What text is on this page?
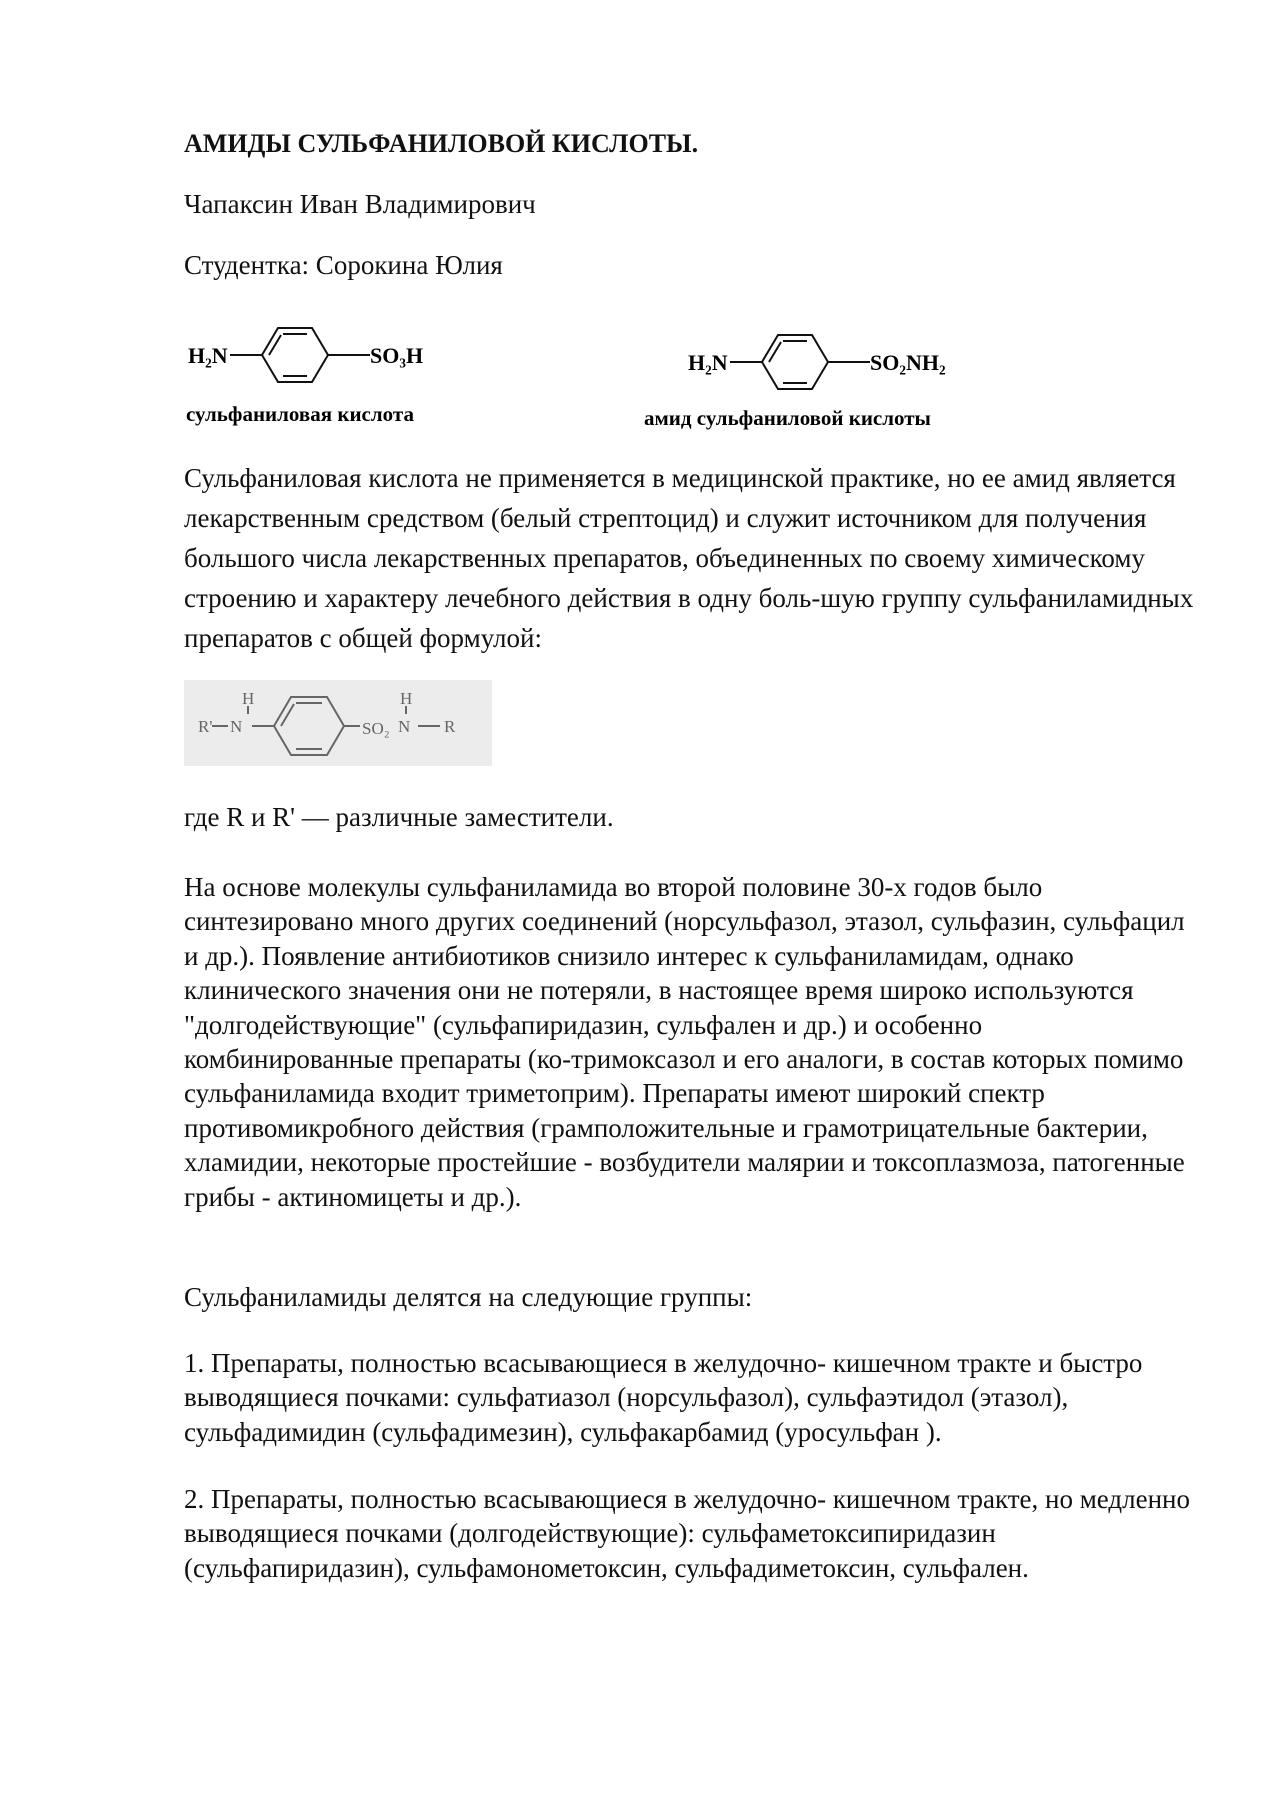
АМИДЫ СУЛЬФАНИЛОВОЙ КИСЛОТЫ.
Чапаксин Иван Владимирович
Студентка: Сорокина Юлия
H₂N	SO₃H
сульфаниловая кислота
H₂N	SO₂NH₂
амид сульфаниловой кислоты

Сульфаниловая кислота не применяется в медицинской практике, но ее амид является лекарственным средством (белый стрептоцид) и служит источником для получения большого числа лекарственных препаратов, объединенных по своему химическому строению и характеру лечебного действия в одну боль-шую группу сульфаниламидных препаратов с общей формулой:

R'
H
N	SO₂
H
N R
где R и R' — различные заместители.

На основе молекулы сульфаниламида во второй половине 30-х годов было синтезировано много других соединений (норсульфазол, этазол, сульфазин, сульфацил и др.). Появление антибиотиков снизило интерес к сульфаниламидам, однако клинического значения они не потеряли, в настоящее время широко используются "долгодействующие" (сульфапиридазин, сульфален и др.) и особенно комбинированные препараты (ко-тримоксазол и его аналоги, в состав которых помимо сульфаниламида входит триметоприм). Препараты имеют широкий спектр противомикробного действия (грамположительные и грамотрицательные бактерии, хламидии, некоторые простейшие - возбудители малярии и токсоплазмоза, патогенные грибы - актиномицеты и др.).

Сульфаниламиды делятся на следующие группы:

1. Препараты, полностью всасывающиеся в желудочно- кишечном тракте и быстро выводящиеся почками: сульфатиазол (норсульфазол), сульфаэтидол (этазол), сульфадимидин (сульфадимезин), сульфакарбамид (уросульфан ).

2. Препараты, полностью всасывающиеся в желудочно- кишечном тракте, но медленно выводящиеся почками (долгодействующие): сульфаметоксипиридазин (сульфапиридазин), сульфамонометоксин, сульфадиметоксин, сульфален.
